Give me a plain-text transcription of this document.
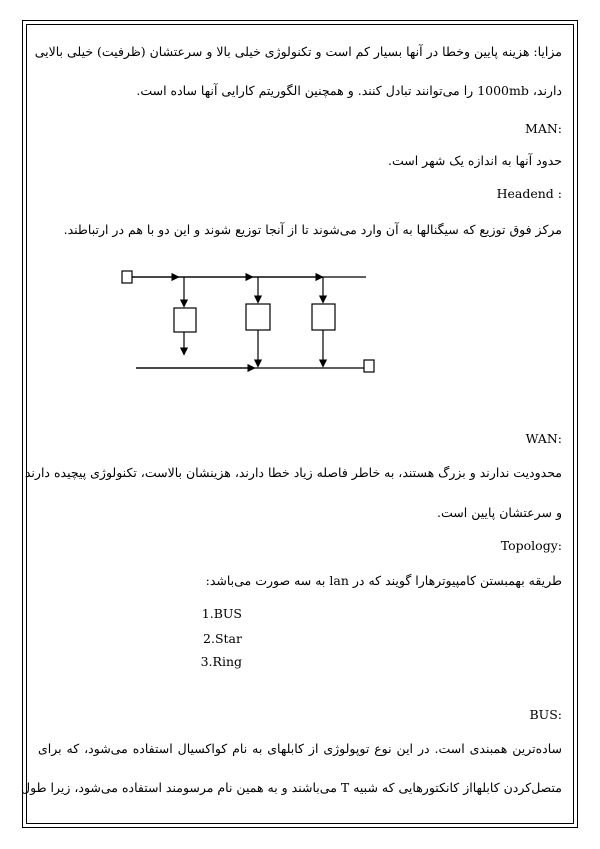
مزایا: هزینه پایین وخطا در آنها بسیار کم است و تکنولوژی خیلی بالا و سرعتشان (ظرفیت) خیلی بالایی
دارند، 1000mb را می‌توانند تبادل کنند. و همچنین الگوریتم کارایی آنها ساده است.
:MAN
حدود آنها به اندازه یک شهر است.
: Headend
مرکز فوق توزیع که سیگنالها به آن وارد می‌شوند تا از آنجا توزیع شوند و این دو با هم در ارتباطند.
:WAN
محدودیت ندارند و بزرگ هستند، به خاطر فاصله زیاد خطا دارند، هزینشان بالاست، تکنولوژی پیچیده دارند
و سرعتشان پایین است.
:Topology
طریقه بهمبستن کامپیوترهارا گویند که در lan به سه صورت می‌باشد:
1.BUS
2.Star
3.Ring
:BUS
ساده‌ترین همبندی است. در این نوع توپولوژی از کابلهای به نام کواکسیال استفاده می‌شود، که برای
متصل‌کردن کابلهااز کانکتورهایی که شبیه T می‌باشند و به همین نام مرسومند استفاده می‌شود، زیرا طول
